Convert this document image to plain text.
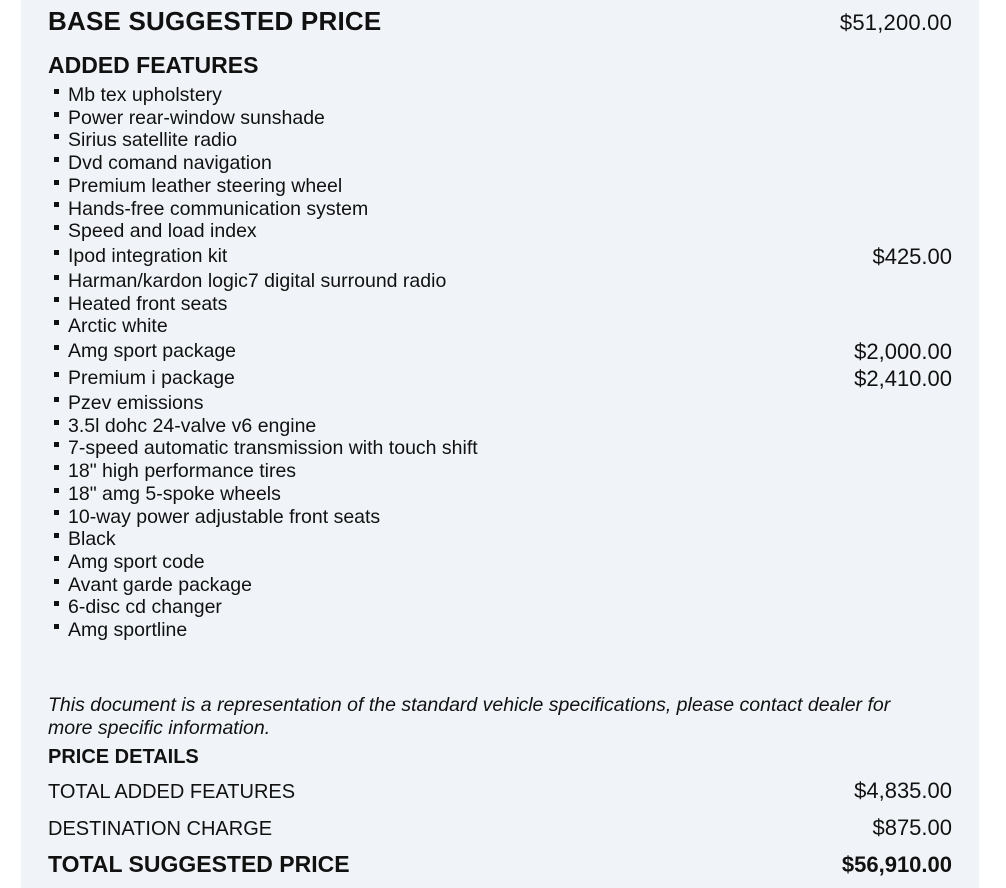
BASE SUGGESTED PRICE	$51,200.00
ADDED FEATURES
Mb tex upholstery
Power rear-window sunshade
Sirius satellite radio
Dvd comand navigation
Premium leather steering wheel
Hands-free communication system
Speed and load index
Ipod integration kit	$425.00
Harman/kardon logic7 digital surround radio
Heated front seats
Arctic white
Amg sport package	$2,000.00
Premium i package	$2,410.00
Pzev emissions
3.5l dohc 24-valve v6 engine
7-speed automatic transmission with touch shift
18" high performance tires
18" amg 5-spoke wheels
10-way power adjustable front seats
Black
Amg sport code
Avant garde package
6-disc cd changer
Amg sportline

This document is a representation of the standard vehicle specifications, please contact dealer for more specific information.

PRICE DETAILS
TOTAL ADDED FEATURES	$4,835.00
DESTINATION CHARGE	$875.00
TOTAL SUGGESTED PRICE	$56,910.00
